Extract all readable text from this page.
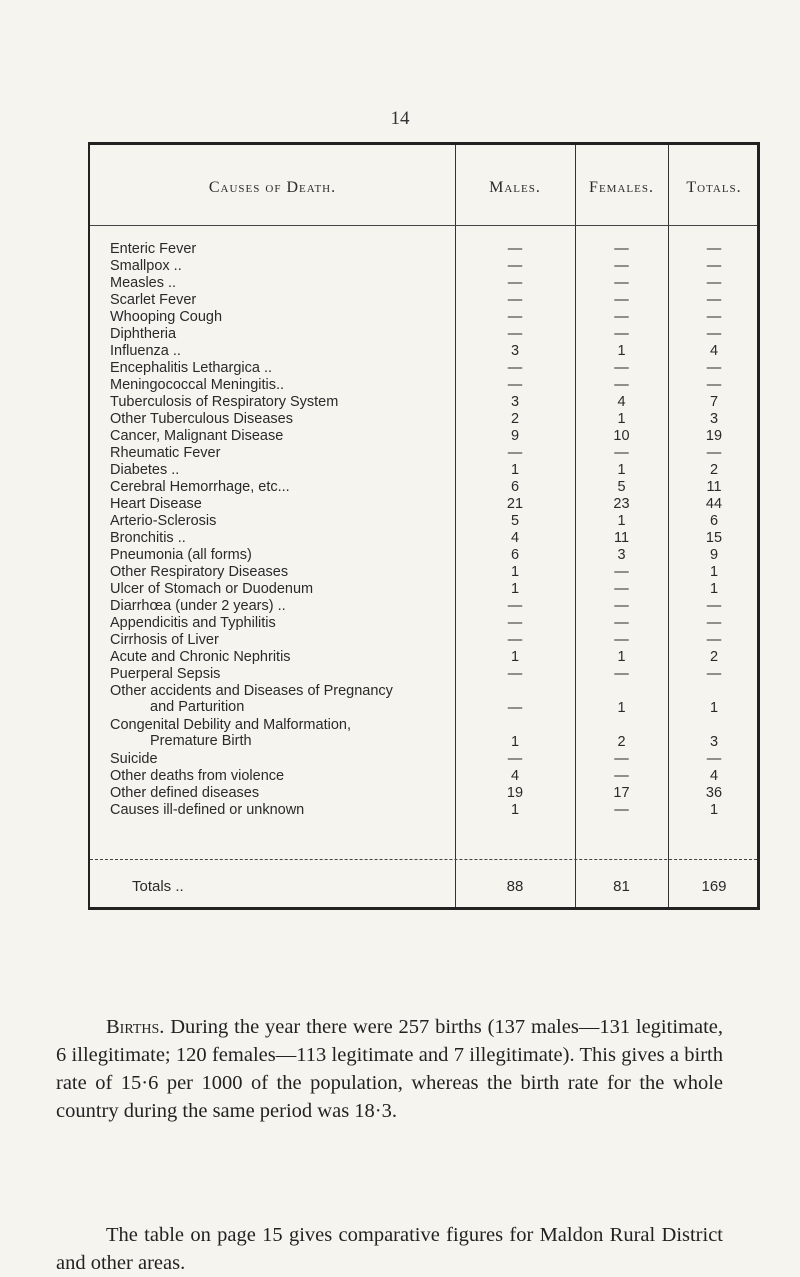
14
Causes of Death.	Males.	Females.	Totals.
Enteric Fever	—	—	—
Smallpox ..	—	—	—
Measles ..	—	—	—
Scarlet Fever	—	—	—
Whooping Cough	—	—	—
Diphtheria	—	—	—
Influenza ..	3	1	4
Encephalitis Lethargica ..	—	—	—
Meningococcal Meningitis..	—	—	—
Tuberculosis of Respiratory System	3	4	7
Other Tuberculous Diseases	2	1	3
Cancer, Malignant Disease	9	10	19
Rheumatic Fever	—	—	—
Diabetes ..	1	1	2
Cerebral Hemorrhage, etc...	6	5	11
Heart Disease	21	23	44
Arterio-Sclerosis	5	1	6
Bronchitis ..	4	11	15
Pneumonia (all forms)	6	3	9
Other Respiratory Diseases	1	—	1
Ulcer of Stomach or Duodenum	1	—	1
Diarrhœa (under 2 years) ..	—	—	—
Appendicitis and Typhilitis	—	—	—
Cirrhosis of Liver	—	—	—
Acute and Chronic Nephritis	1	1	2
Puerperal Sepsis	—	—	—
Other accidents and Diseases of Pregnancy
and Parturition	—	1	1
Congenital Debility and Malformation,
Premature Birth	1	2	3
Suicide	—	—	—
Other deaths from violence	4	—	4
Other defined diseases	19	17	36
Causes ill-defined or unknown	1	—	1
Totals ..	88	81	169

Births. During the year there were 257 births (137 males—131 legitimate, 6 illegitimate; 120 females—113 legitimate and 7 illegitimate). This gives a birth rate of 15·6 per 1000 of the population, whereas the birth rate for the whole country during the same period was 18·3.

The table on page 15 gives comparative figures for Maldon Rural District and other areas.
